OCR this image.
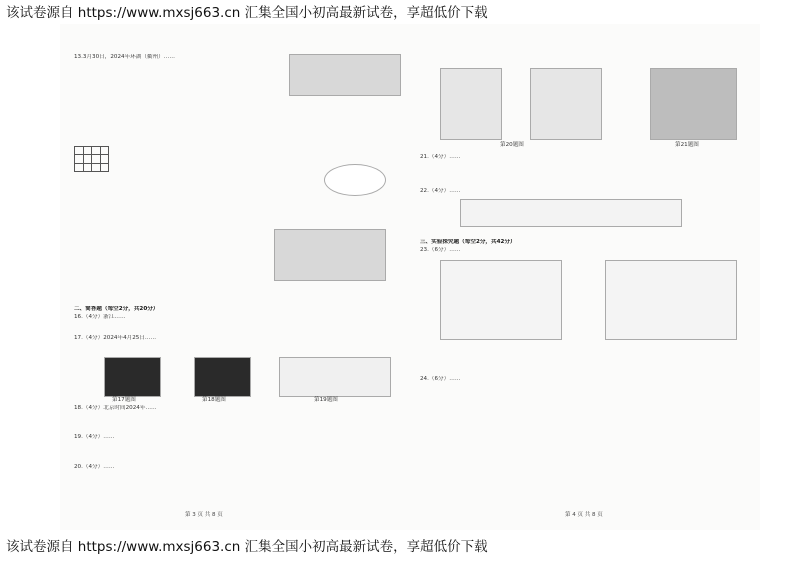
该试卷源自 https://www.mxsj663.cn 汇集全国小初高最新试卷，享超低价下载
13.3月30日，2024年环湖（衢州）……

二、简答题（每空2分，共20分）
16.（4分）浙江……
17.（4分）2024年4月25日……
第17题图	第18题图	第19题图
18.（4分）北京时间2024年……
19.（4分）……
20.（4分）……
第20题图	第21题图
21.（4分）……
22.（4分）……
三、实验探究题（每空2分，共42分）
23.（6分）……
24.（6分）……
第 3 页 共 8 页	第 4 页 共 8 页
该试卷源自 https://www.mxsj663.cn 汇集全国小初高最新试卷，享超低价下载
